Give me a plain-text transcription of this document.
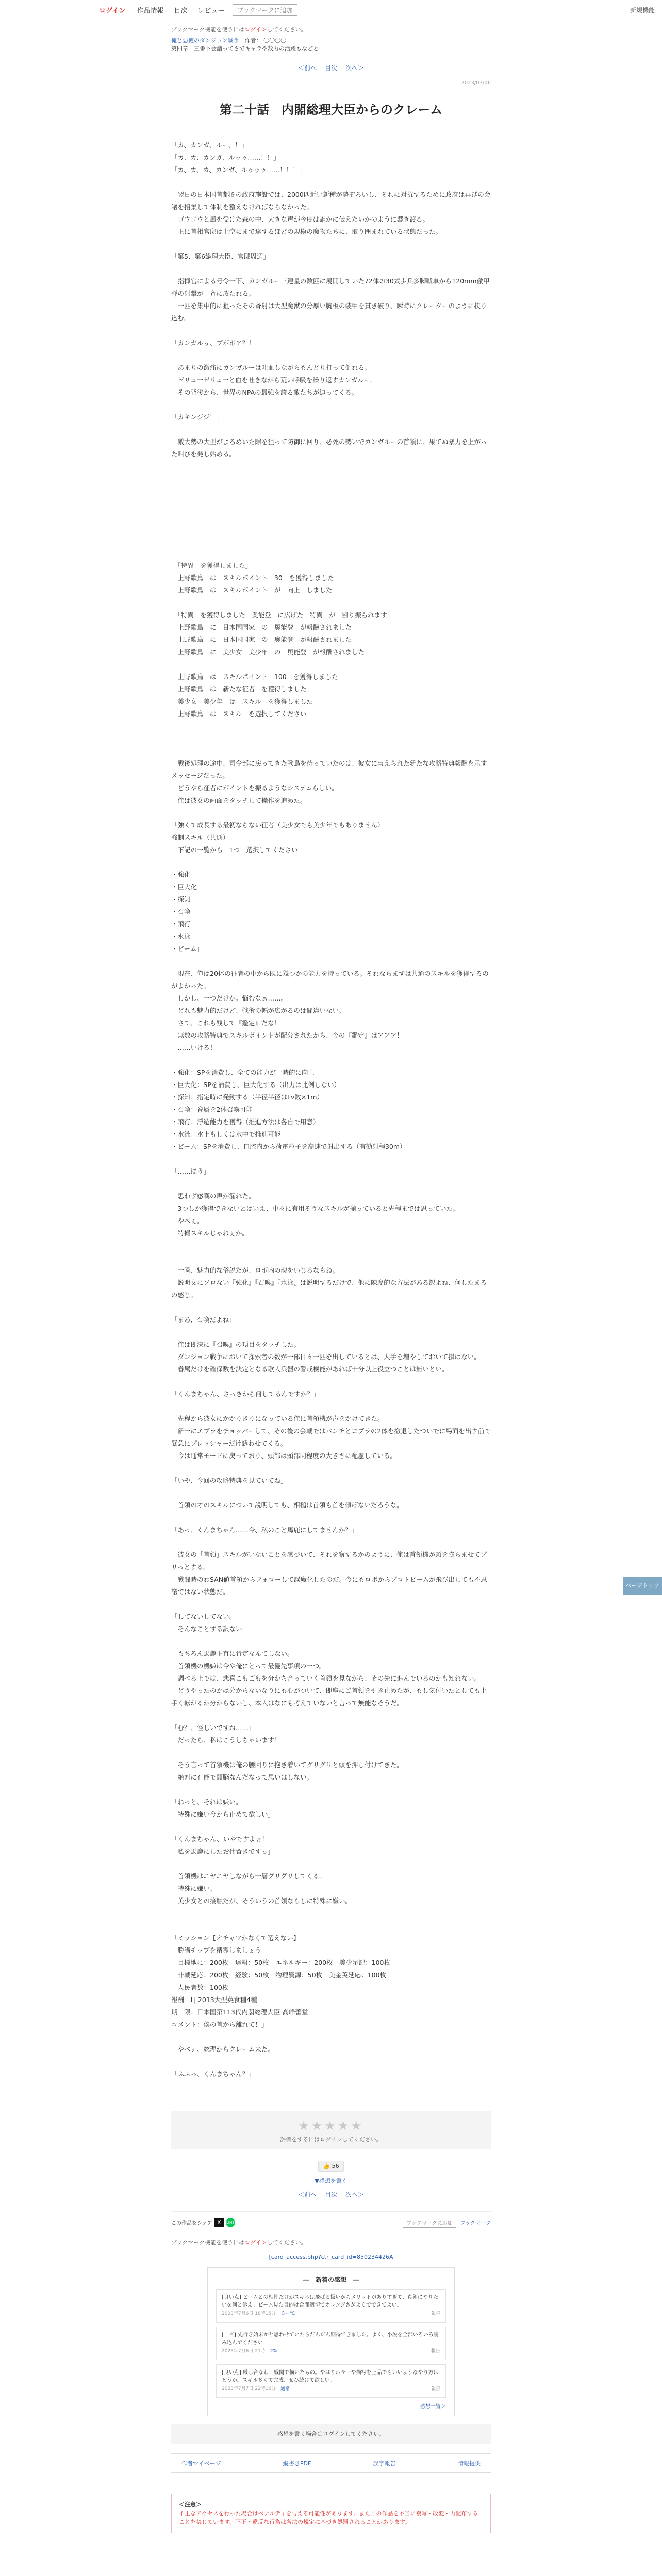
ログイン 作品情報 目次 レビュー	ブックマークに追加	新規機能
ブックマーク機能を使うにはログインしてください。
俺と悪徳のダンジョン戦争　 作者： 〇〇〇〇
第四章　三番下会議ってさでキャラや数力の活躍もなどと
＜前へ 目次 次へ＞
2023/07/06
第二十話　内閣総理大臣からのクレーム

「カ、カンガ、ルー、！」

「カ、カ、カンガ、ルゥゥ……！！」

「カ、カ、カ、カンガ、ルゥゥゥ……！！！」

　翌日の日本国首都圏の政府施設では、2000匹近い新種が勢ぞろいし、それに対抗するために政府は再びの会議を招集して体制を整えなければならなかった。

　ゴウゴウと風を受けた森の中、大きな声が今度は誰かに伝えたいかのように響き渡る。

　正に首相官邸は上空にまで達するほどの規模の魔物たちに、取り囲まれている状態だった。

「第5、第6総理大臣、官邸周辺」

　指揮官による号令一下、カンガルー三連星の数匹に展開していた72体の30式歩兵多脚戦車から120mm徹甲弾の射撃が一斉に放たれる。

　一匹を集中的に狙ったその斉射は大型魔獣の分厚い胸板の装甲を貫き破り、瞬時にクレーターのように抉り込む。

「カンガルぅ、ブボボア？！」

　あまりの激痛にカンガルーは吐血しながらもんどり打って倒れる。

　ゼリュ一ゼリュ一と血を吐きながら荒い呼吸を繰り返すカンガルー。

　その背後から、世界のNPAの最強を誇る敵たちが迫ってくる。

「カキンジジ！」

　敵大勢の大型がよろめいた隙を狙って防御に回り、必死の勢いでカンガルーの首領に、果てぬ暴力を上がった叫びを発し始める。

　「特異　を獲得しました」

　上野歌鳥　は　スキルポイント　30　を獲得しました

　上野歌鳥　は　スキルポイント　が　向上　しました

　「特異　を獲得しました　奥能登　に広げた　特異　が　割り振られます」

　上野歌鳥　に　日本国国家　の　奥能登　が報酬されました

　上野歌鳥　に　日本国国家　の　奥能登　が報酬されました

　上野歌鳥　に　美少女　美少年　の　奥能登　が報酬されました

　上野歌鳥　は　スキルポイント　100　を獲得しました

　上野歌鳥　は　新たな征者　を獲得しました

　美少女　美少年　は　スキル　を獲得しました

　上野歌鳥　は　スキル　を選択してください

　戦後処理の途中、司令部に戻ってきた歌鳥を待っていたのは、彼女に与えられた新たな攻略特典報酬を示すメッセージだった。

　どうやら征者にポイントを振るようなシステムらしい。

　俺は彼女の画面をタッチして操作を進めた。

「強くて成長する最初ならない征者（美少女でも美少年でもありません）

強制スキル（共通）

　下記の一覧から　1つ　選択してください

・強化

・巨大化

・探知

・召喚

・飛行

・水泳

・ビーム」

　現在、俺は20体の征者の中から既に幾つかの能力を持っている。それならまずは共通のスキルを獲得するのがよかった。

　しかし、一つだけか。悩むなぁ……。

　どれも魅力的だけど、戦術の幅が広がるのは間違いない。

　さて、これも残して『鑑定』だな！

　無数の攻略特典でスキルポイントが配分されたから、今の『鑑定』はアアア！

　……いける！

・強化：SPを消費し、全ての能力が一時的に向上

・巨大化：SPを消費し、巨大化する（出力は比例しない）

・探知：指定時に発動する（半径半径はLv数×1m）

・召喚：眷属を2体召喚可能

・飛行：浮遊能力を獲得（推進方法は各自で用意）

・水泳：水上もしくは水中で推進可能

・ビーム：SPを消費し、口腔内から荷電粒子を高速で射出する（有効射程30m）

「……ほう」

　思わず感嘆の声が漏れた。

　3つしか獲得できないとはいえ、中々に有用そうなスキルが揃っていると先程までは思っていた。

　やべぇ。

　特撮スキルじゃねぇか。

　一瞬、魅力的な俗説だが、ロボ内の魂をいじるなもね。

　説明文にソロない『強化』『召喚』『水泳』は説明するだけで、他に陳腐的な方法がある訳よね、何したまるの感じ。

「まあ、召喚だよね」

　俺は即決に『召喚』の項目をタッチした。

　ダンジョン戦争において探索者の数が一部日々一匹を出しているとは、人手を増やしておいて損はない。

　眷属だけを確保数を決定となる歌人兵器の警戒機能があれば十分以上役立つことは無いとい。

「くんまちゃん、さっきから何してるんですか？」

　先程から彼女にかかりきりになっている俺に首領機が声をかけてきた。

　新一にエブラをチョッパーして、その後の会戦ではバンチとコブラの2体を撤退したついでに場面を出す前で緊急にプレッシャーだけ誘わせてくる。

　今は通常モードに戻っており、頭部は頭部同程度の大きさに配慮している。

「いや、今回の攻略特典を見ていてね」

　首領の才のスキルについて説明しても、相槌は首領も首を傾げないだろうな。

「あっ、くんまちゃん……今、私のこと馬鹿にしてませんか？」

　彼女の「首領」スキルがいないことを感づいて、それを察するかのように、俺は首領機が頬を膨らませてプリっとする。

　戦闘時のわSAN値首領からフォローして誤魔化したのだ。今にもロボからプロトビームが飛び出しても不思議ではない状態だ。

「してないしてない。

　そんなことする訳ない」

　もちろん馬鹿正直に肯定なんてしない。

　首領機の機嫌は今や俺にとって最優先事項の一つ。

　調べる上では、悲喜こもごもを分かち合っていく首領を見ながら、その先に進んでいるのかも知れない。

　どうやったのかは分からないなりにも心がついて、即座にご首領を引き止めたが、もし気付いたとしても上手く転がるか分からないし、本人はなにも考えていないと言って無能なそうだ。

「む？、怪しいですね……」

　だったら、私はこうしちゃいます！」

　そう言って首領機は俺の腰回りに抱き着いてグリグリと頭を押し付けてきた。

　絶対に有能で頭脳なんだなって思いはしない。

「ねっと、それは嫌い。

　特殊に嫌い今から止めて欲しい」

「くんまちゃん、いやですよぉ！

　私を馬鹿にしたお仕置きですっ」

　首領機はニヤニヤしながら一層グリグリしてくる。

　特殊に嫌い。

　美少女との接触だが、そういうの首領ならしに特殊に嫌い。

「ミッション【オチャツかなくて選えない】

　勝講チップを精霊しましょう

　目標地に：200枚　達報：50枚　エネルギー：200枚　美少星記：100枚

　非戦延応：200枚　経験：50枚　物理資源：50枚　美金英延応：100枚

　人民者数：100枚

報酬　Lj 2013大型英食種4種

期　限：日本国第113代内閣総理大臣 高峰蕾堂

コメント：僕の首から離れて！」

　やべぇ、総理からクレーム来た。

「ふふっ、くんまちゃん？」

★★★★★
評価をするにはログインしてください。
👍 56
▼感想を書く
＜前へ 目次 次へ＞
この作品をシェア X	LINE	ブックマークに追加	ブックマーク
ブックマーク機能を使うにはログインしてください。
[card_access.php?ctr_card_id=850234426A
―　新着の感想　―
[良い点] ビームとの相性だけがスキルは飛ばる扱いからメリットがありすぎて、真剣にやりたいを何と訴え、ビーム見た目的は合間適切でオレンジさがよくでできてよい。
2023年7月6日 18時15分　 るー℃	報告
[一言] 先行き始末かと思わせていたらだんだん期待できました。よく、小説を全部いろいろ読み込んでください
2023年7月6日 21時　 2%	報告
[良い点] 厳し合なわ　戦闘で描いたもの。やはりホラーや描写を上品でもいいようなやり方はどうか。スキル多くて完成、ぜひ続けて欲しい。
2023年7月7日 22時16分　 通常	報告
感想一覧＞
感想を書く場合はログインしてください。
作者マイページ	縦書きPDF	誤字報告	情報提供
＜注意＞
不正なアクセスを行った場合はペナルティを与える可能性があります。またこの作品を不当に複写・改変・再配布することを禁じています。不正・違反な行為は各法の規定に基づき処罰されることがあります。
ページトップ
